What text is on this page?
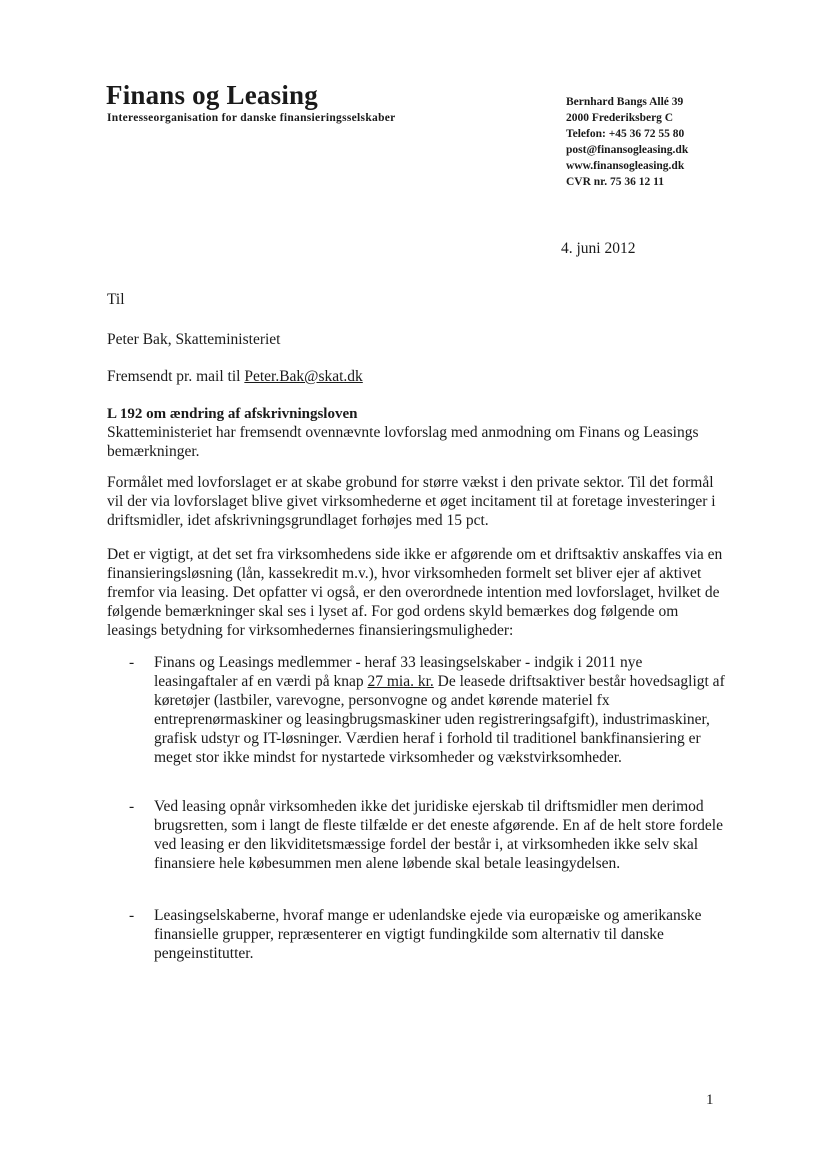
Finans og Leasing
Interesseorganisation for danske finansieringsselskaber
Bernhard Bangs Allé 39
2000 Frederiksberg C
Telefon: +45 36 72 55 80
post@finansogleasing.dk
www.finansogleasing.dk
CVR nr. 75 36 12 11
4. juni 2012
Til
Peter Bak, Skatteministeriet
Fremsendt pr. mail til Peter.Bak@skat.dk
L 192 om ændring af afskrivningsloven
Skatteministeriet har fremsendt ovennævnte lovforslag med anmodning om Finans og Leasings bemærkninger.
Formålet med lovforslaget er at skabe grobund for større vækst i den private sektor. Til det formål vil der via lovforslaget blive givet virksomhederne et øget incitament til at foretage investeringer i driftsmidler, idet afskrivningsgrundlaget forhøjes med 15 pct.
Det er vigtigt, at det set fra virksomhedens side ikke er afgørende om et driftsaktiv anskaffes via en finansieringsløsning (lån, kassekredit m.v.), hvor virksomheden formelt set bliver ejer af aktivet fremfor via leasing. Det opfatter vi også, er den overordnede intention med lovforslaget, hvilket de følgende bemærkninger skal ses i lyset af. For god ordens skyld bemærkes dog følgende om leasings betydning for virksomhedernes finansieringsmuligheder:
- Finans og Leasings medlemmer - heraf 33 leasingselskaber - indgik i 2011 nye leasingaftaler af en værdi på knap 27 mia. kr. De leasede driftsaktiver består hovedsagligt af køretøjer (lastbiler, varevogne, personvogne og andet kørende materiel fx entreprenørmaskiner og leasingbrugsmaskiner uden registreringsafgift), industrimaskiner, grafisk udstyr og IT-løsninger. Værdien heraf i forhold til traditionel bankfinansiering er meget stor ikke mindst for nystartede virksomheder og vækstvirksomheder.
- Ved leasing opnår virksomheden ikke det juridiske ejerskab til driftsmidler men derimod brugsretten, som i langt de fleste tilfælde er det eneste afgørende. En af de helt store fordele ved leasing er den likviditetsmæssige fordel der består i, at virksomheden ikke selv skal finansiere hele købesummen men alene løbende skal betale leasingydelsen.
- Leasingselskaberne, hvoraf mange er udenlandske ejede via europæiske og amerikanske finansielle grupper, repræsenterer en vigtigt fundingkilde som alternativ til danske pengeinstitutter.
1
